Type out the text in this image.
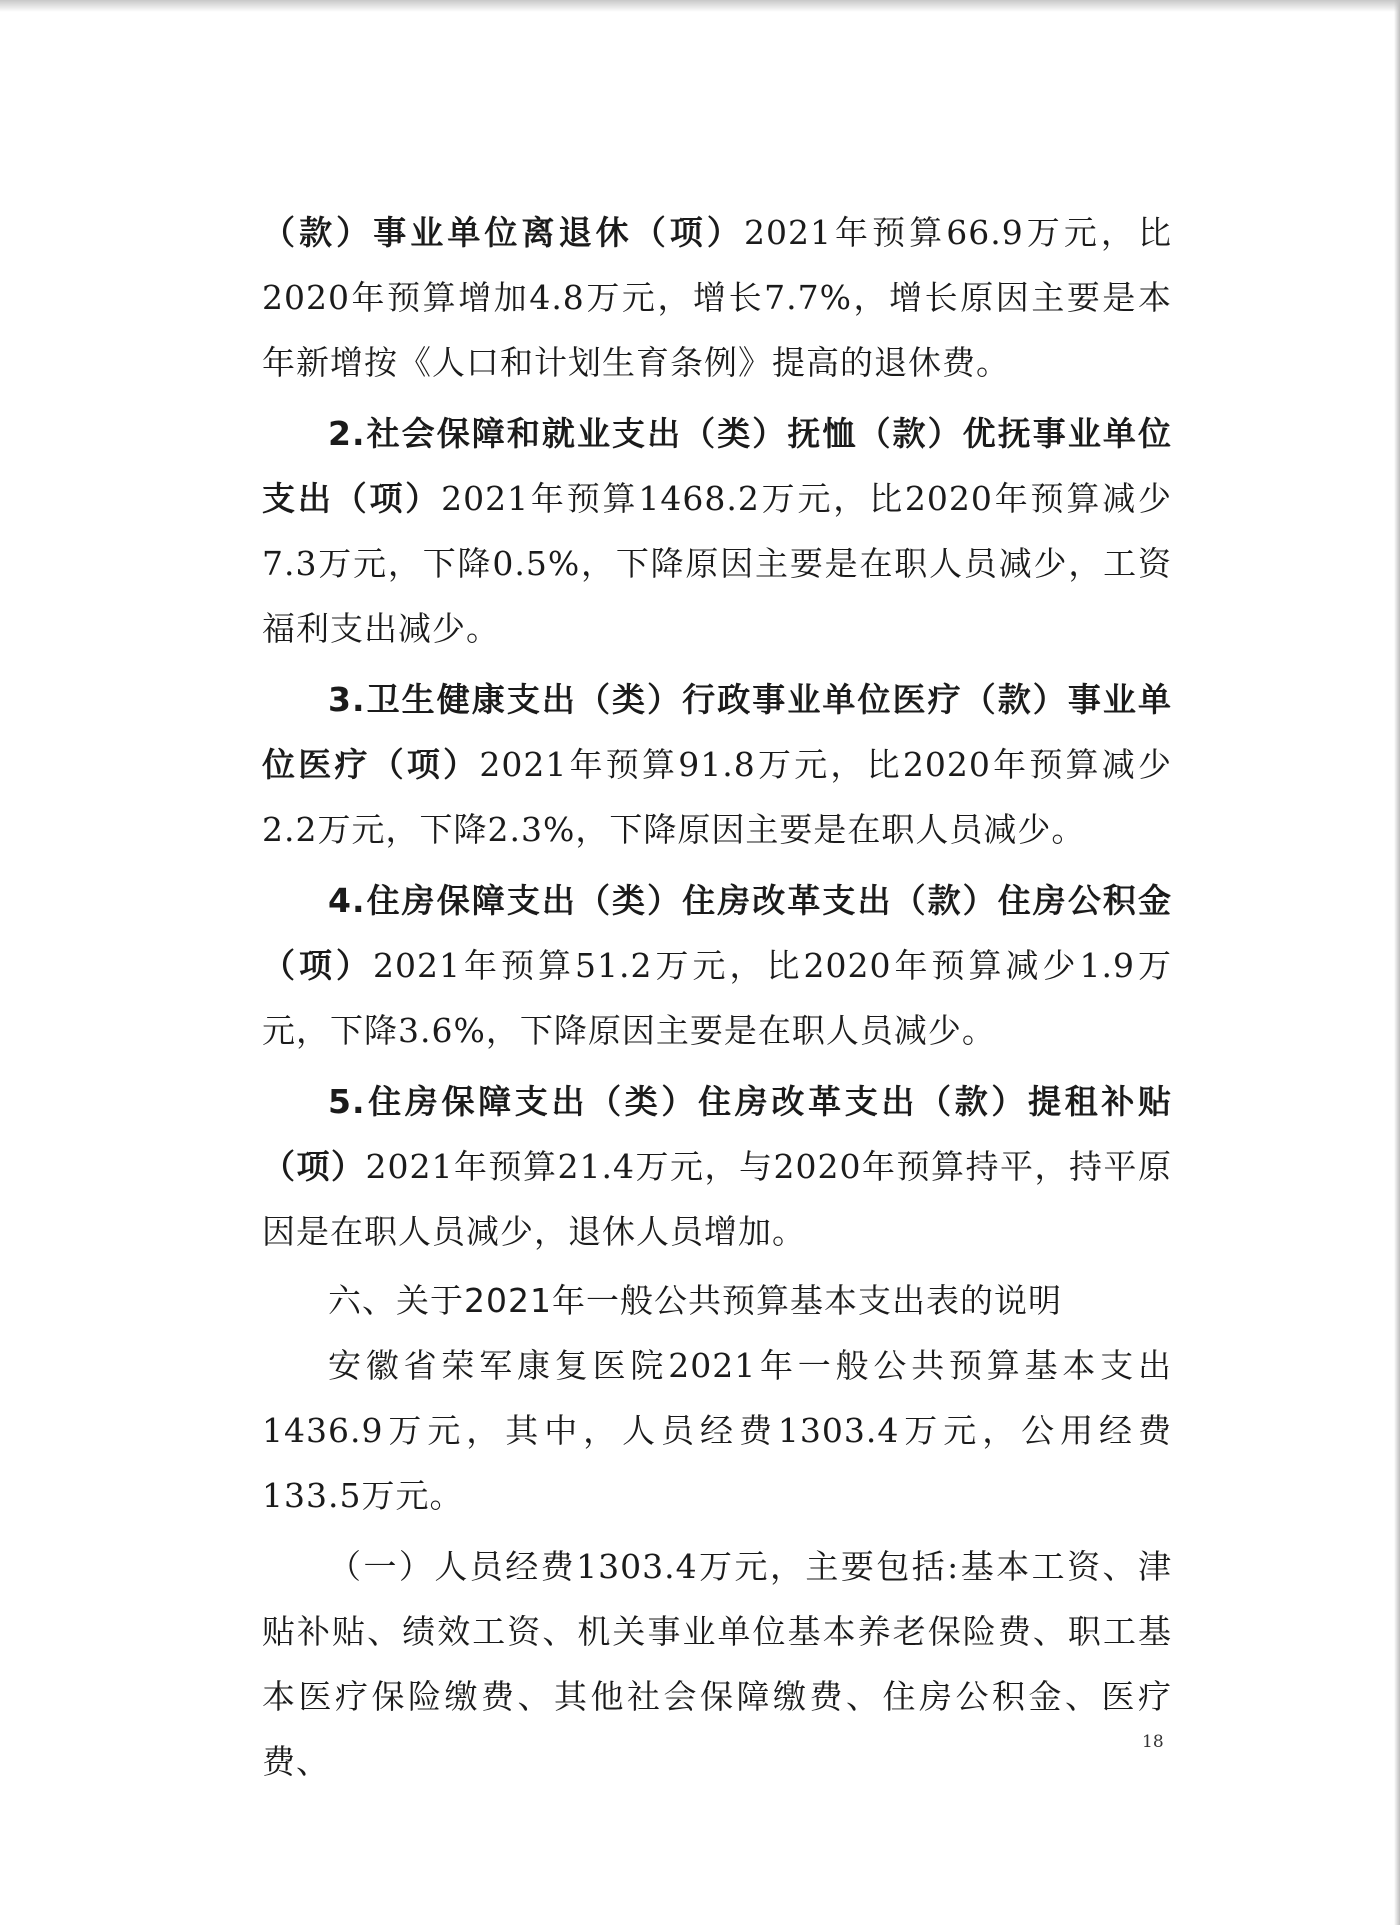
（款）事业单位离退休（项）2021年预算66.9万元，比2020年预算增加4.8万元，增长7.7%，增长原因主要是本年新增按《人口和计划生育条例》提高的退休费。

2.社会保障和就业支出（类）抚恤（款）优抚事业单位支出（项）2021年预算1468.2万元，比2020年预算减少7.3万元，下降0.5%，下降原因主要是在职人员减少，工资福利支出减少。

3.卫生健康支出（类）行政事业单位医疗（款）事业单位医疗（项）2021年预算91.8万元，比2020年预算减少2.2万元，下降2.3%，下降原因主要是在职人员减少。

4.住房保障支出（类）住房改革支出（款）住房公积金（项）2021年预算51.2万元，比2020年预算减少1.9万元，下降3.6%，下降原因主要是在职人员减少。

5.住房保障支出（类）住房改革支出（款）提租补贴（项）2021年预算21.4万元，与2020年预算持平，持平原因是在职人员减少，退休人员增加。

六、关于2021年一般公共预算基本支出表的说明

安徽省荣军康复医院2021年一般公共预算基本支出1436.9万元，其中，人员经费1303.4万元，公用经费133.5万元。

（一）人员经费1303.4万元，主要包括:基本工资、津贴补贴、绩效工资、机关事业单位基本养老保险费、职工基本医疗保险缴费、其他社会保障缴费、住房公积金、医疗费、	18
